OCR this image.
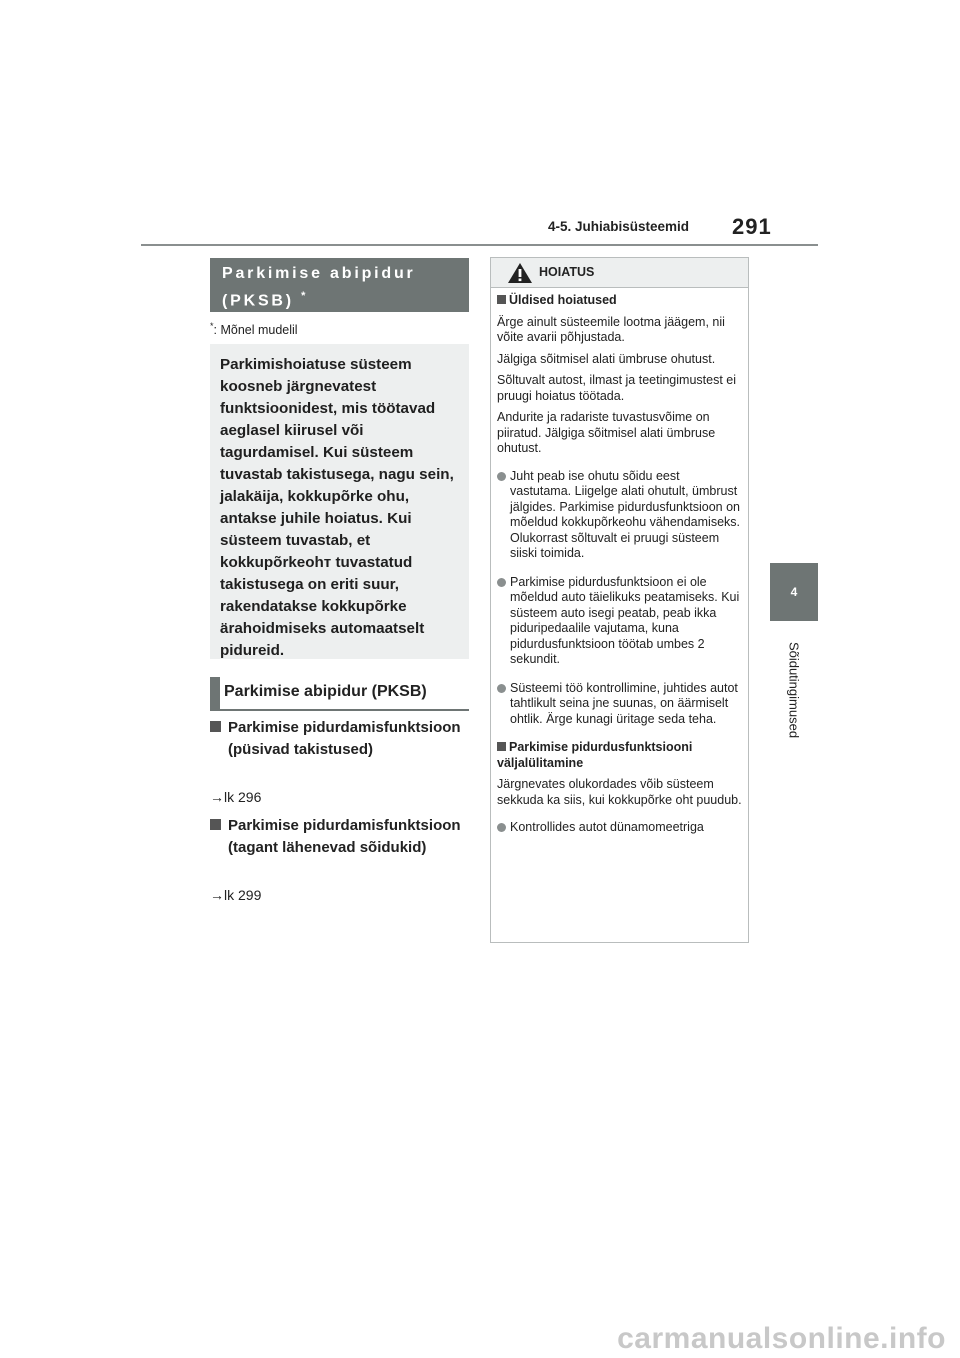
4-5. Juhiabisüsteemid 291
4
Sõidutingimused
Parkimise abipidur
(PKSB) *
*: Mõnel mudelil

Parkimishoiatuse süsteem koosneb järgnevatest funktsioonidest, mis töötavad aeglasel kiirusel või tagurdamisel. Kui süsteem tuvastab takistusega, nagu sein, jalakäija, kokkupõrke ohu, antakse juhile hoiatus. Kui süsteem tuvastab, et kokkupõrkeohт tuvastatud takistusega on eriti suur, rakendatakse kokkupõrke ärahoidmiseks automaatselt pidureid.

Parkimise abipidur (PKSB)
Parkimise pidurdamisfunktsioon (püsivad takistused)
→lk 296
Parkimise pidurdamisfunktsioon (tagant lähenevad sõidukid)
→lk 299
HOIATUS

Üldised hoiatused

Ärge ainult süsteemile lootma jäägem, nii võite avarii põhjustada.

Jälgiga sõitmisel alati ümbruse ohutust.

Sõltuvalt autost, ilmast ja teetingimustest ei pruugi hoiatus töötada.

Andurite ja radariste tuvastusvõime on piiratud. Jälgiga sõitmisel alati ümbruse ohutust.

Juht peab ise ohutu sõidu eest vastutama. Liigelge alati ohutult, ümbrust jälgides. Parkimise pidurdusfunktsioon on mõeldud kokkupõrkeohu vähendamiseks. Olukorrast sõltuvalt ei pruugi süsteem siiski toimida.
Parkimise pidurdusfunktsioon ei ole mõeldud auto täielikuks peatamiseks. Kui süsteem auto isegi peatab, peab ikka piduripedaalile vajutama, kuna pidurdusfunktsioon töötab umbes 2 sekundit.
Süsteemi töö kontrollimine, juhtides autot tahtlikult seina jne suunas, on äärmiselt ohtlik. Ärge kunagi üritage seda teha.

Parkimise pidurdusfunktsiooni väljalülitamine

Järgnevates olukordades võib süsteem sekkuda ka siis, kui kokkupõrke oht puudub.

Kontrollides autot dünamomeetriga
carmanualsonline.info
